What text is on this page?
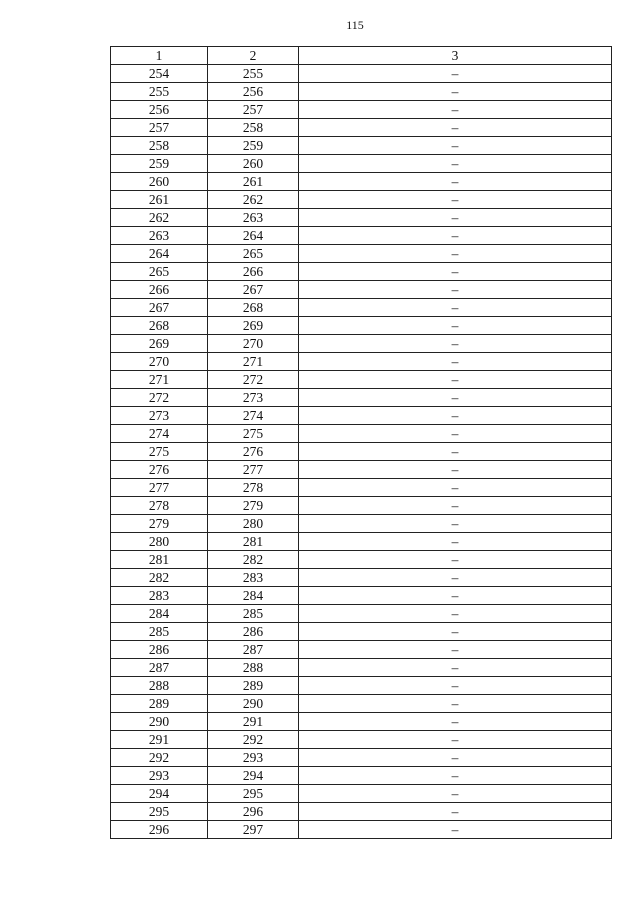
115
1	2	3
254	255	–
255	256	–
256	257	–
257	258	–
258	259	–
259	260	–
260	261	–
261	262	–
262	263	–
263	264	–
264	265	–
265	266	–
266	267	–
267	268	–
268	269	–
269	270	–
270	271	–
271	272	–
272	273	–
273	274	–
274	275	–
275	276	–
276	277	–
277	278	–
278	279	–
279	280	–
280	281	–
281	282	–
282	283	–
283	284	–
284	285	–
285	286	–
286	287	–
287	288	–
288	289	–
289	290	–
290	291	–
291	292	–
292	293	–
293	294	–
294	295	–
295	296	–
296	297	–
